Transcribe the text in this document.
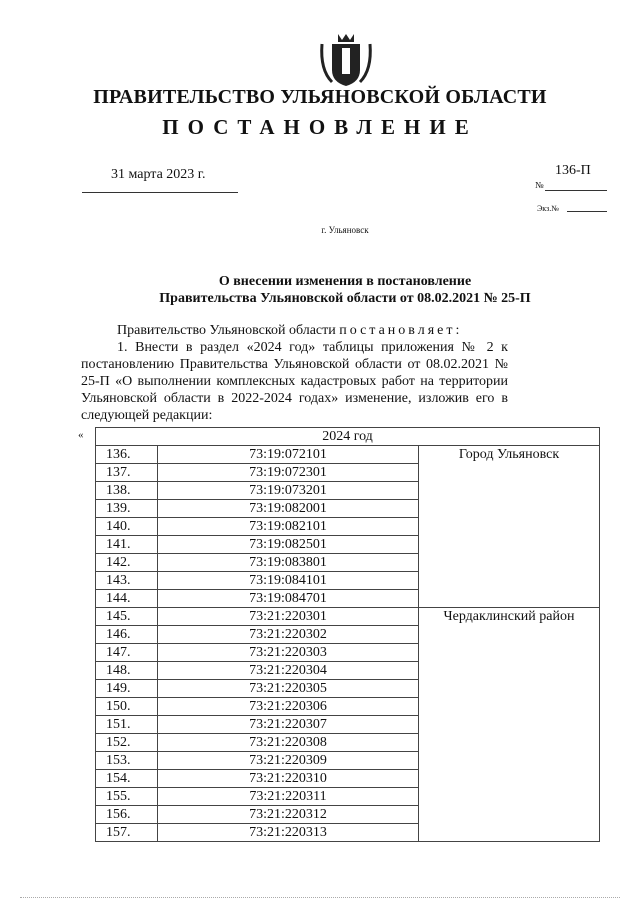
ПРАВИТЕЛЬСТВО УЛЬЯНОВСКОЙ ОБЛАСТИ
ПОСТАНОВЛЕНИЕ
31 марта 2023 г.	136-П
№
Экз.№
г. Ульяновск
О внесении изменения в постановление
Правительства Ульяновской области от 08.02.2021 № 25-П

Правительство Ульяновской области постановляет:

1. Внести в раздел «2024 год» таблицы приложения № 2 к постановлению Правительства Ульяновской области от 08.02.2021 № 25-П «О выполнении комплексных кадастровых работ на территории Ульяновской области в 2022-2024 годах» изменение, изложив его в следующей редакции:

«	2024 год		
136.	73:19:072101	Город Ульяновск
137.	73:19:072301	
138.	73:19:073201	
139.	73:19:082001	
140.	73:19:082101	
141.	73:19:082501	
142.	73:19:083801	
143.	73:19:084101	
144.	73:19:084701	
145.	73:21:220301	Чердаклинский район
146.	73:21:220302	
147.	73:21:220303	
148.	73:21:220304	
149.	73:21:220305	
150.	73:21:220306	
151.	73:21:220307	
152.	73:21:220308	
153.	73:21:220309	
154.	73:21:220310	
155.	73:21:220311	
156.	73:21:220312	
157.	73:21:220313	
